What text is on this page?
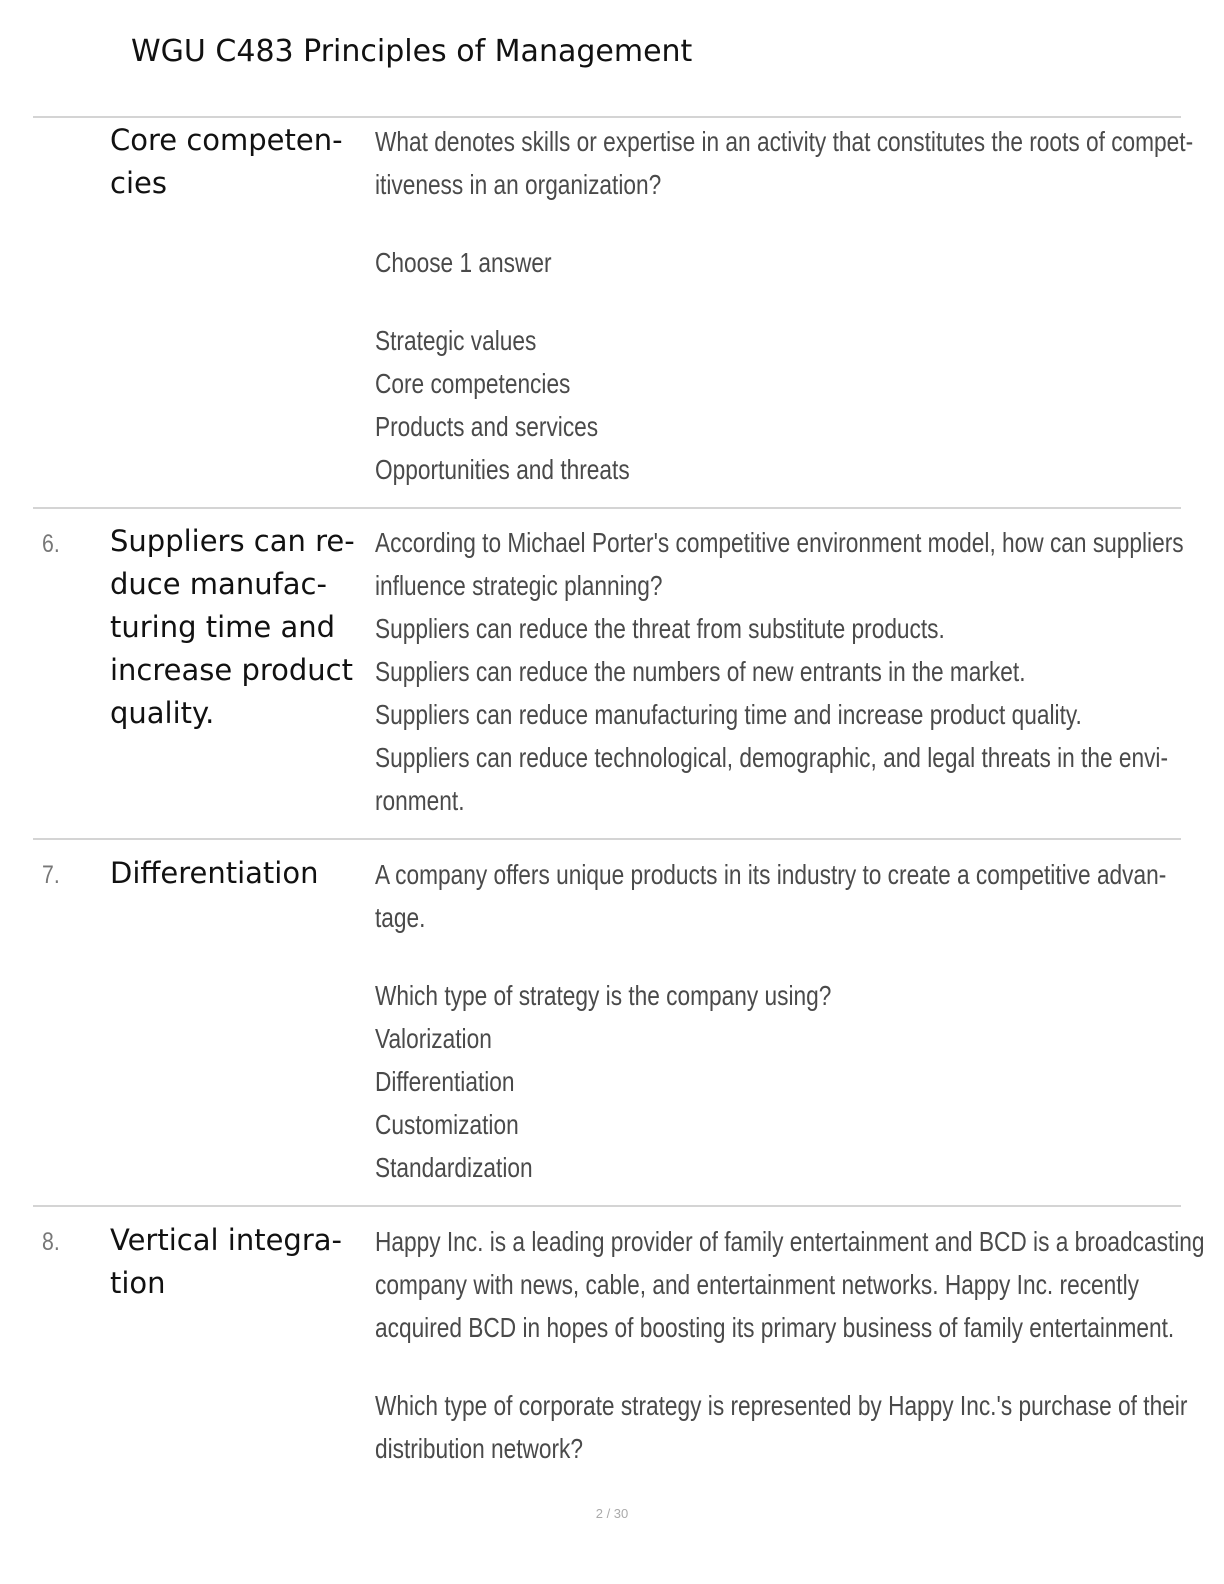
WGU C483 Principles of Management
Core competen-
cies
What denotes skills or expertise in an activity that constitutes the roots of compet-
itiveness in an organization?
Choose 1 answer
Strategic values
Core competencies
Products and services
Opportunities and threats
6. Suppliers can re-
duce manufac-
turing time and
increase product
quality.
According to Michael Porter's competitive environment model, how can suppliers
influence strategic planning?
Suppliers can reduce the threat from substitute products.
Suppliers can reduce the numbers of new entrants in the market.
Suppliers can reduce manufacturing time and increase product quality.
Suppliers can reduce technological, demographic, and legal threats in the envi-
ronment.
7. Differentiation	A company offers unique products in its industry to create a competitive advan-
tage.
Which type of strategy is the company using?
Valorization
Differentiation
Customization
Standardization
8. Vertical integra-
tion
Happy Inc. is a leading provider of family entertainment and BCD is a broadcasting
company with news, cable, and entertainment networks. Happy Inc. recently
acquired BCD in hopes of boosting its primary business of family entertainment.
Which type of corporate strategy is represented by Happy Inc.'s purchase of their
distribution network?
2 / 30
